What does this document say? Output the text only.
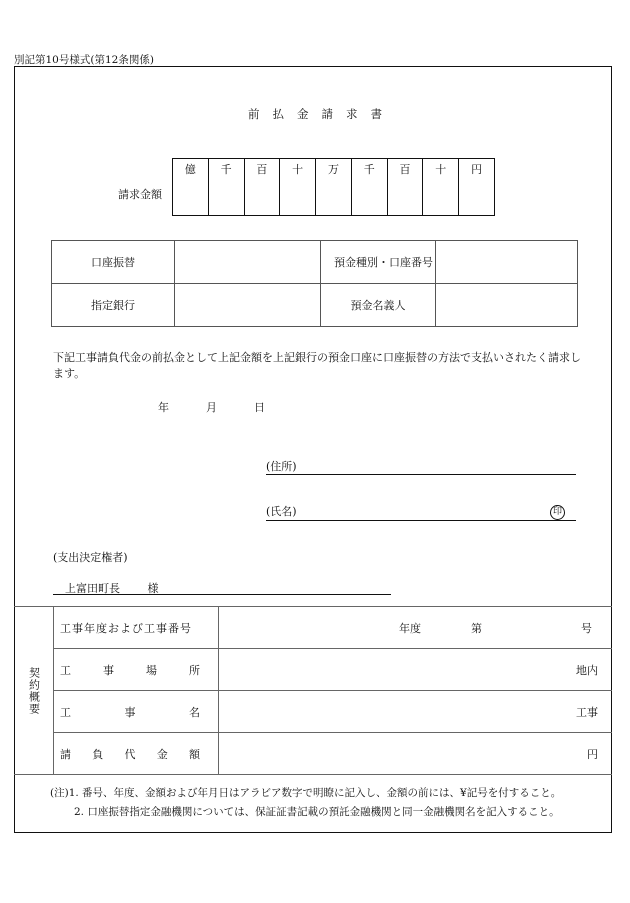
別記第10号様式(第12条関係)
前払金請求書
請求金額
億	千	百	十	万	千	百	十	円
口座振替		預金種別・口座番号	
指定銀行		預金名義人	
下記工事請負代金の前払金として上記金額を上記銀行の預金口座に口座振替の方法で支払いされたく請求します。
年	月	日
(住所)
(氏名)	印
(支出決定権者)
上富田町長	様
契約概要	工事年度および工事番号	年度 第 号

	工 事 場 所	地内

	工 事 名	工事

	請 負 代 金 額	円
(注)1. 番号、年度、金額および年月日はアラビア数字で明瞭に記入し、金額の前には、¥記号を付すること。
2. 口座振替指定金融機関については、保証証書記載の預託金融機関と同一金融機関名を記入すること。
